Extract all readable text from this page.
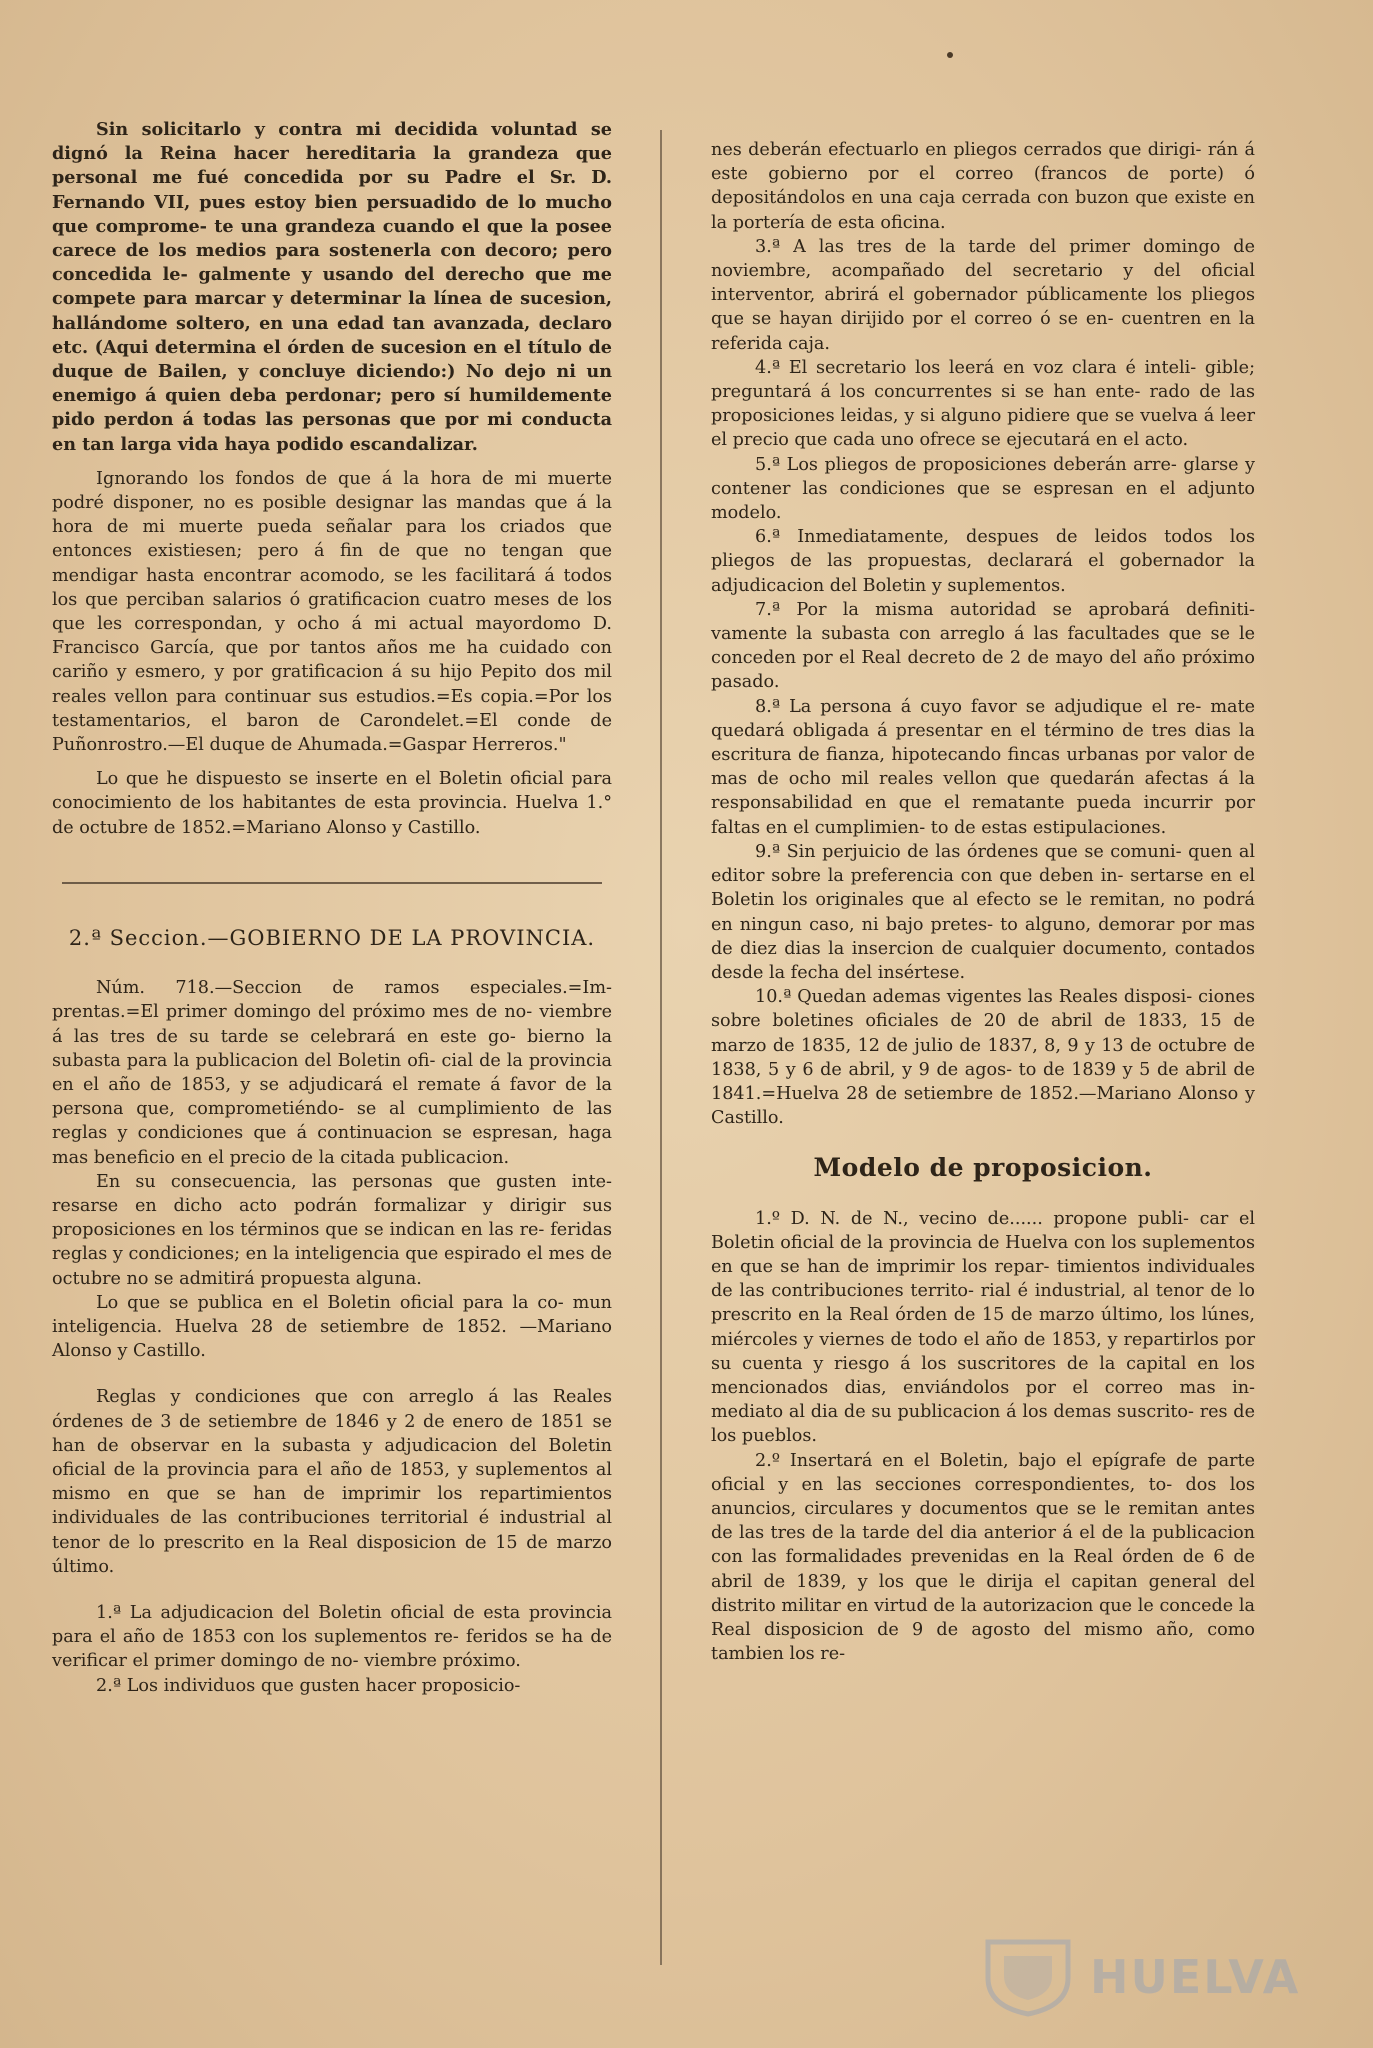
Sin solicitarlo y contra mi decidida voluntad se dignó la Reina hacer hereditaria la grandeza que personal me fué concedida por su Padre el Sr. D. Fernando VII, pues estoy bien persuadido de lo mucho que comprome- te una grandeza cuando el que la posee carece de los medios para sostenerla con decoro; pero concedida le- galmente y usando del derecho que me compete para marcar y determinar la línea de sucesion, hallándome soltero, en una edad tan avanzada, declaro etc. (Aqui determina el órden de sucesion en el título de duque de Bailen, y concluye diciendo:) No dejo ni un enemigo á quien deba perdonar; pero sí humildemente pido perdon á todas las personas que por mi conducta en tan larga vida haya podido escandalizar.

Ignorando los fondos de que á la hora de mi muerte podré disponer, no es posible designar las mandas que á la hora de mi muerte pueda señalar para los criados que entonces existiesen; pero á fin de que no tengan que mendigar hasta encontrar acomodo, se les facilitará á todos los que perciban salarios ó gratificacion cuatro meses de los que les correspondan, y ocho á mi actual mayordomo D. Francisco García, que por tantos años me ha cuidado con cariño y esmero, y por gratificacion á su hijo Pepito dos mil reales vellon para continuar sus estudios.=Es copia.=Por los testamentarios, el baron de Carondelet.=El conde de Puñonrostro.—El duque de Ahumada.=Gaspar Herreros."

Lo que he dispuesto se inserte en el Boletin oficial para conocimiento de los habitantes de esta provincia. Huelva 1.° de octubre de 1852.=Mariano Alonso y Castillo.

2.ª Seccion.—GOBIERNO DE LA PROVINCIA.

Núm. 718.—Seccion de ramos especiales.=Im- prentas.=El primer domingo del próximo mes de no- viembre á las tres de su tarde se celebrará en este go- bierno la subasta para la publicacion del Boletin ofi- cial de la provincia en el año de 1853, y se adjudicará el remate á favor de la persona que, comprometiéndo- se al cumplimiento de las reglas y condiciones que á continuacion se espresan, haga mas beneficio en el precio de la citada publicacion.

En su consecuencia, las personas que gusten inte- resarse en dicho acto podrán formalizar y dirigir sus proposiciones en los términos que se indican en las re- feridas reglas y condiciones; en la inteligencia que espirado el mes de octubre no se admitirá propuesta alguna.

Lo que se publica en el Boletin oficial para la co- mun inteligencia. Huelva 28 de setiembre de 1852. —Mariano Alonso y Castillo.

Reglas y condiciones que con arreglo á las Reales órdenes de 3 de setiembre de 1846 y 2 de enero de 1851 se han de observar en la subasta y adjudicacion del Boletin oficial de la provincia para el año de 1853, y suplementos al mismo en que se han de imprimir los repartimientos individuales de las contribuciones territorial é industrial al tenor de lo prescrito en la Real disposicion de 15 de marzo último.

1.ª La adjudicacion del Boletin oficial de esta provincia para el año de 1853 con los suplementos re- feridos se ha de verificar el primer domingo de no- viembre próximo.

2.ª Los individuos que gusten hacer proposicio-

nes deberán efectuarlo en pliegos cerrados que dirigi- rán á este gobierno por el correo (francos de porte) ó depositándolos en una caja cerrada con buzon que existe en la portería de esta oficina.

3.ª A las tres de la tarde del primer domingo de noviembre, acompañado del secretario y del oficial interventor, abrirá el gobernador públicamente los pliegos que se hayan dirijido por el correo ó se en- cuentren en la referida caja.

4.ª El secretario los leerá en voz clara é inteli- gible; preguntará á los concurrentes si se han ente- rado de las proposiciones leidas, y si alguno pidiere que se vuelva á leer el precio que cada uno ofrece se ejecutará en el acto.

5.ª Los pliegos de proposiciones deberán arre- glarse y contener las condiciones que se espresan en el adjunto modelo.

6.ª Inmediatamente, despues de leidos todos los pliegos de las propuestas, declarará el gobernador la adjudicacion del Boletin y suplementos.

7.ª Por la misma autoridad se aprobará definiti- vamente la subasta con arreglo á las facultades que se le conceden por el Real decreto de 2 de mayo del año próximo pasado.

8.ª La persona á cuyo favor se adjudique el re- mate quedará obligada á presentar en el término de tres dias la escritura de fianza, hipotecando fincas urbanas por valor de mas de ocho mil reales vellon que quedarán afectas á la responsabilidad en que el rematante pueda incurrir por faltas en el cumplimien- to de estas estipulaciones.

9.ª Sin perjuicio de las órdenes que se comuni- quen al editor sobre la preferencia con que deben in- sertarse en el Boletin los originales que al efecto se le remitan, no podrá en ningun caso, ni bajo pretes- to alguno, demorar por mas de diez dias la insercion de cualquier documento, contados desde la fecha del insértese.

10.ª Quedan ademas vigentes las Reales disposi- ciones sobre boletines oficiales de 20 de abril de 1833, 15 de marzo de 1835, 12 de julio de 1837, 8, 9 y 13 de octubre de 1838, 5 y 6 de abril, y 9 de agos- to de 1839 y 5 de abril de 1841.=Huelva 28 de setiembre de 1852.—Mariano Alonso y Castillo.

Modelo de proposicion.

1.º D. N. de N., vecino de...... propone publi- car el Boletin oficial de la provincia de Huelva con los suplementos en que se han de imprimir los repar- timientos individuales de las contribuciones territo- rial é industrial, al tenor de lo prescrito en la Real órden de 15 de marzo último, los lúnes, miércoles y viernes de todo el año de 1853, y repartirlos por su cuenta y riesgo á los suscritores de la capital en los mencionados dias, enviándolos por el correo mas in- mediato al dia de su publicacion á los demas suscrito- res de los pueblos.

2.º Insertará en el Boletin, bajo el epígrafe de parte oficial y en las secciones correspondientes, to- dos los anuncios, circulares y documentos que se le remitan antes de las tres de la tarde del dia anterior á el de la publicacion con las formalidades prevenidas en la Real órden de 6 de abril de 1839, y los que le dirija el capitan general del distrito militar en virtud de la autorizacion que le concede la Real disposicion de 9 de agosto del mismo año, como tambien los re-

HUELVA
